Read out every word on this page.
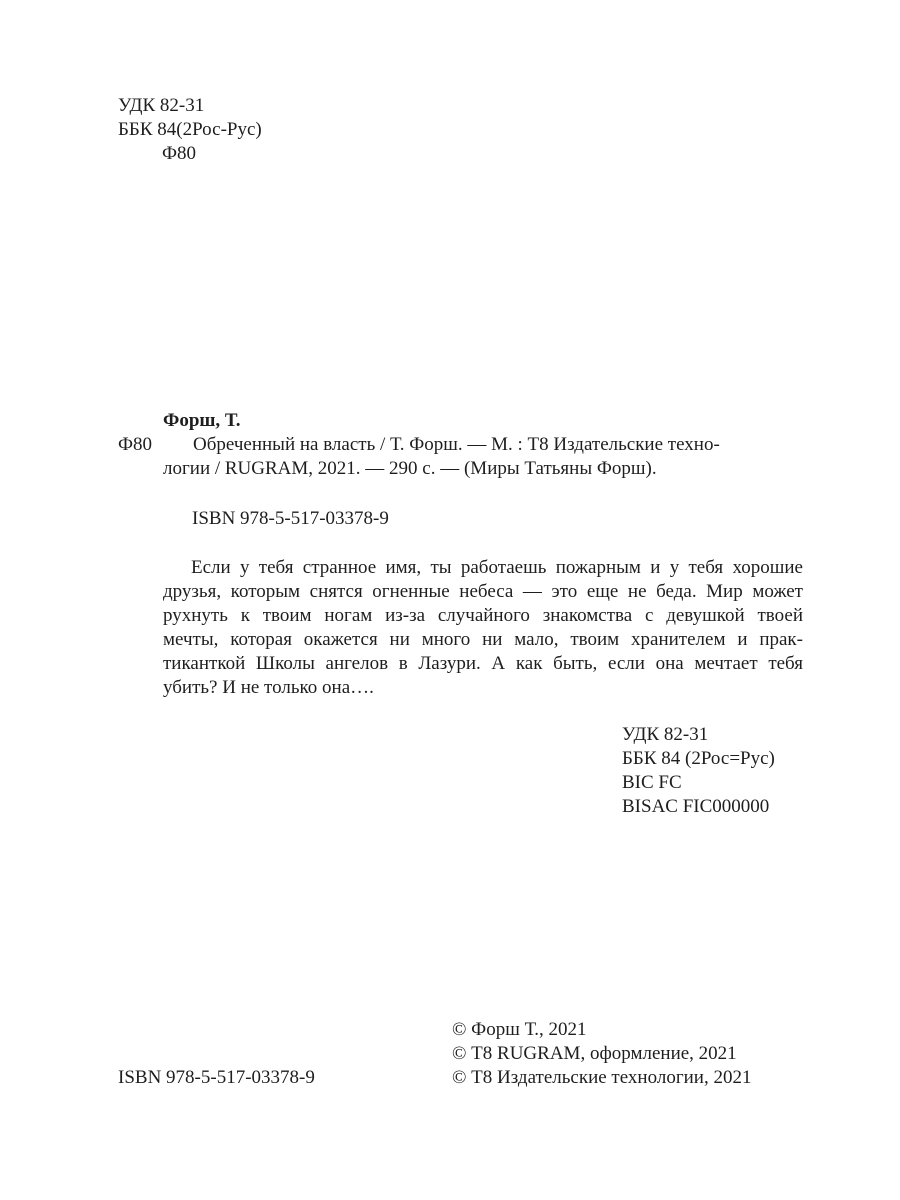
УДК 82-31
ББК 84(2Рос-Рус)
Ф80
Форш, Т.
Ф80	Обреченный на власть / Т. Форш. — М. : Т8 Издательские техно-
логии / RUGRAM, 2021. — 290 с. — (Миры Татьяны Форш).
ISBN 978-5-517-03378-9
Если у тебя странное имя, ты работаешь пожарным и у тебя хорошие
друзья, которым снятся огненные небеса — это еще не беда. Мир может
рухнуть к твоим ногам из-за случайного знакомства с девушкой твоей
мечты, которая окажется ни много ни мало, твоим хранителем и прак-
тиканткой Школы ангелов в Лазури. А как быть, если она мечтает тебя
убить? И не только она….
УДК 82-31
ББК 84 (2Рос=Рус)
BIC FC
BISAC FIC000000
© Форш Т., 2021
© Т8 RUGRAM, оформление, 2021
© Т8 Издательские технологии, 2021
ISBN 978-5-517-03378-9
